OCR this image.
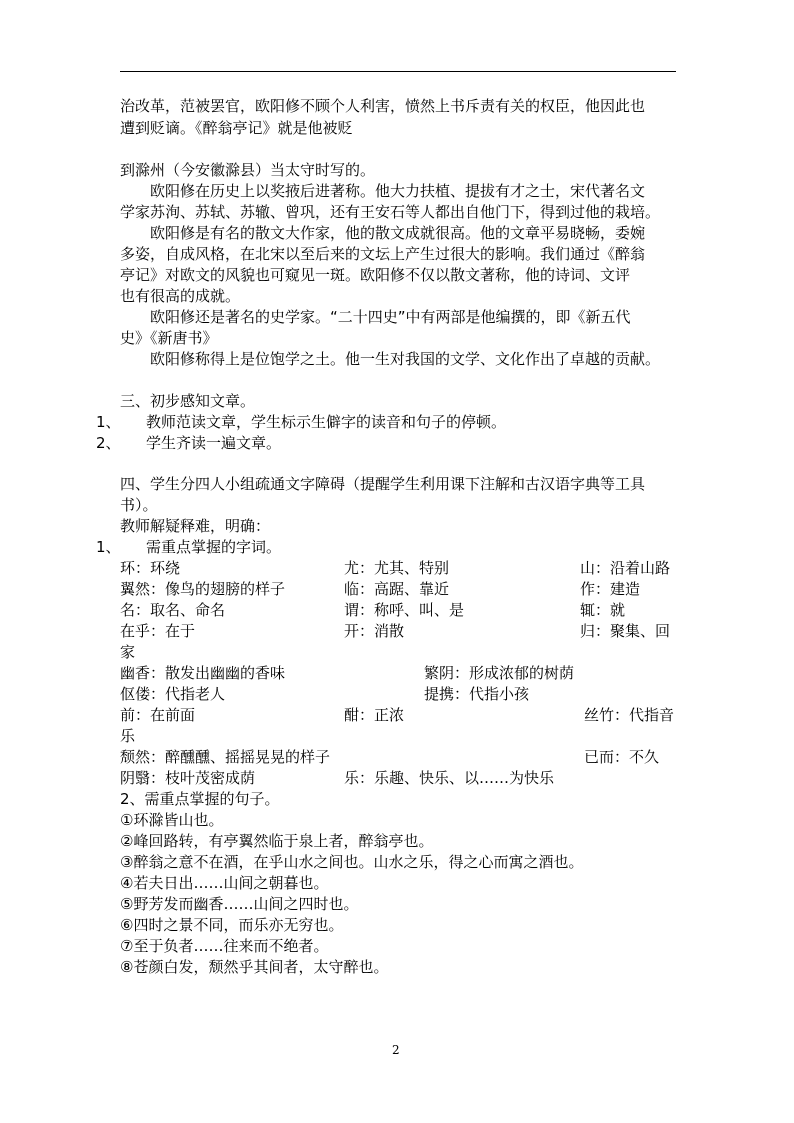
治改革，范被罢官，欧阳修不顾个人利害，愤然上书斥责有关的权臣，他因此也
遭到贬谪。《醉翁亭记》就是他被贬
到滁州（今安徽滁县）当太守时写的。
欧阳修在历史上以奖掖后进著称。他大力扶植、提拔有才之士，宋代著名文
学家苏洵、苏轼、苏辙、曾巩，还有王安石等人都出自他门下，得到过他的栽培。
欧阳修是有名的散文大作家，他的散文成就很高。他的文章平易晓畅，委婉
多姿，自成风格，在北宋以至后来的文坛上产生过很大的影响。我们通过《醉翁
亭记》对欧文的风貌也可窥见一斑。欧阳修不仅以散文著称，他的诗词、文评
也有很高的成就。
欧阳修还是著名的史学家。“二十四史”中有两部是他编撰的，即《新五代
史》《新唐书》
欧阳修称得上是位饱学之土。他一生对我国的文学、文化作出了卓越的贡献。
三、初步感知文章。
1、 教师范读文章，学生标示生僻字的读音和句子的停顿。
2、 学生齐读一遍文章。
四、学生分四人小组疏通文字障碍（提醒学生利用课下注解和古汉语字典等工具
书）。
教师解疑释难，明确：
1、 需重点掌握的字词。
环：环绕	尤：尤其、特别	山：沿着山路
翼然：像鸟的翅膀的样子	临：高踞、靠近	作：建造
名：取名、命名	谓：称呼、叫、是	辄：就
在乎：在于	开：消散	归：聚集、回
家
幽香：散发出幽幽的香味	繁阴：形成浓郁的树荫
伛偻：代指老人	提携：代指小孩
前：在前面	酣：正浓	丝竹：代指音
乐
颓然：醉醺醺、摇摇晃晃的样子	已而：不久
阴翳：枝叶茂密成荫	乐：乐趣、快乐、以……为快乐
2、需重点掌握的句子。
①环滁皆山也。
②峰回路转，有亭翼然临于泉上者，醉翁亭也。
③醉翁之意不在酒，在乎山水之间也。山水之乐，得之心而寓之酒也。
④若夫日出……山间之朝暮也。
⑤野芳发而幽香……山间之四时也。
⑥四时之景不同，而乐亦无穷也。
⑦至于负者……往来而不绝者。
⑧苍颜白发，颓然乎其间者，太守醉也。
2
